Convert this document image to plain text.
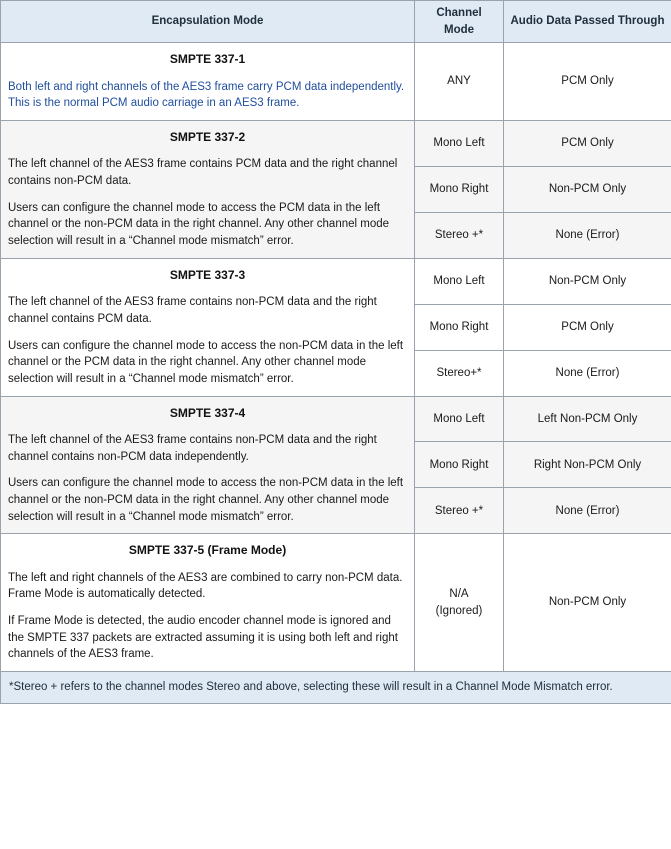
Encapsulation Mode	Channel Mode	Audio Data Passed Through

SMPTE 337-1
Both left and right channels of the AES3 frame carry PCM data independently. This is the normal PCM audio carriage in an AES3 frame.	ANY	PCM Only

SMPTE 337-2
The left channel of the AES3 frame contains PCM data and the right channel contains non-PCM data.
Users can configure the channel mode to access the PCM data in the left channel or the non-PCM data in the right channel. Any other channel mode selection will result in a “Channel mode mismatch” error.	Mono Left	PCM Only

	Mono Right	Non-PCM Only

	Stereo +*	None (Error)

SMPTE 337-3
The left channel of the AES3 frame contains non-PCM data and the right channel contains PCM data.
Users can configure the channel mode to access the non-PCM data in the left channel or the PCM data in the right channel. Any other channel mode selection will result in a “Channel mode mismatch” error.	Mono Left	Non-PCM Only

	Mono Right	PCM Only

	Stereo+*	None (Error)

SMPTE 337-4
The left channel of the AES3 frame contains non-PCM data and the right channel contains non-PCM data independently.
Users can configure the channel mode to access the non-PCM data in the left channel or the non-PCM data in the right channel. Any other channel mode selection will result in a “Channel mode mismatch” error.	Mono Left	Left Non-PCM Only

	Mono Right	Right Non-PCM Only

	Stereo +*	None (Error)

SMPTE 337-5 (Frame Mode)
The left and right channels of the AES3 are combined to carry non-PCM data. Frame Mode is automatically detected.
If Frame Mode is detected, the audio encoder channel mode is ignored and the SMPTE 337 packets are extracted assuming it is using both left and right channels of the AES3 frame.	N/A
(Ignored)	Non-PCM Only
*Stereo + refers to the channel modes Stereo and above, selecting these will result in a Channel Mode Mismatch error.		
